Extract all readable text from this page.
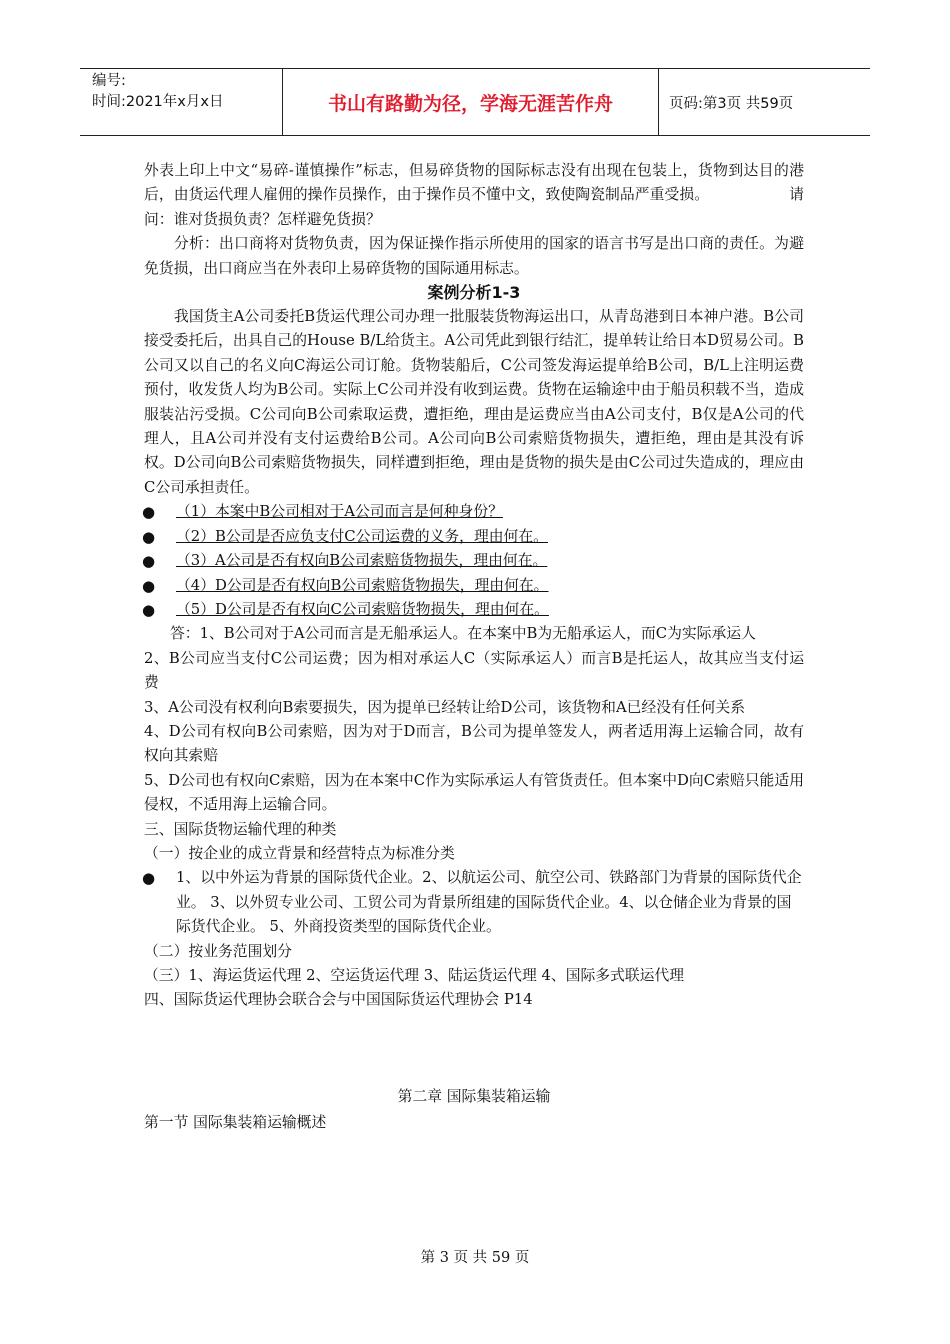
编号:
时间:2021年x月x日	书山有路勤为径，学海无涯苦作舟	页码:第3页 共59页

外表上印上中文“易碎-谨慎操作”标志，但易碎货物的国际标志没有出现在包装上，货物到达目的港后，由货运代理人雇佣的操作员操作，由于操作员不懂中文，致使陶瓷制品严重受损。	请问：谁对货损负责？怎样避免货损？

分析：出口商将对货物负责，因为保证操作指示所使用的国家的语言书写是出口商的责任。为避免货损，出口商应当在外表印上易碎货物的国际通用标志。

案例分析1-3

我国货主A公司委托B货运代理公司办理一批服装货物海运出口，从青岛港到日本神户港。B公司接受委托后，出具自己的House B/L给货主。A公司凭此到银行结汇，提单转让给日本D贸易公司。B公司又以自己的名义向C海运公司订舱。货物装船后，C公司签发海运提单给B公司，B/L上注明运费预付，收发货人均为B公司。实际上C公司并没有收到运费。货物在运输途中由于船员积载不当，造成服装沾污受损。C公司向B公司索取运费，遭拒绝，理由是运费应当由A公司支付，B仅是A公司的代理人，且A公司并没有支付运费给B公司。A公司向B公司索赔货物损失，遭拒绝，理由是其没有诉权。D公司向B公司索赔货物损失，同样遭到拒绝，理由是货物的损失是由C公司过失造成的，理应由C公司承担责任。

● （1）本案中B公司相对于A公司而言是何种身份？

● （2）B公司是否应负支付C公司运费的义务，理由何在。

● （3）A公司是否有权向B公司索赔货物损失，理由何在。

● （4）D公司是否有权向B公司索赔货物损失，理由何在。

● （5）D公司是否有权向C公司索赔货物损失，理由何在。

答：1、B公司对于A公司而言是无船承运人。在本案中B为无船承运人，而C为实际承运人

2、B公司应当支付C公司运费；因为相对承运人C（实际承运人）而言B是托运人，故其应当支付运费

3、A公司没有权利向B索要损失，因为提单已经转让给D公司，该货物和A已经没有任何关系

4、D公司有权向B公司索赔，因为对于D而言，B公司为提单签发人，两者适用海上运输合同，故有权向其索赔

5、D公司也有权向C索赔，因为在本案中C作为实际承运人有管货责任。但本案中D向C索赔只能适用侵权，不适用海上运输合同。

三、国际货物运输代理的种类

（一）按企业的成立背景和经营特点为标准分类

● 1、以中外运为背景的国际货代企业。2、以航运公司、航空公司、铁路部门为背景的国际货代企业。 3、以外贸专业公司、工贸公司为背景所组建的国际货代企业。4、以仓储企业为背景的国际货代企业。 5、外商投资类型的国际货代企业。

（二）按业务范围划分

（三）1、海运货运代理 2、空运货运代理 3、陆运货运代理 4、国际多式联运代理

四、国际货运代理协会联合会与中国国际货运代理协会 P14

第二章 国际集装箱运输

第一节 国际集装箱运输概述

第 3 页 共 59 页
